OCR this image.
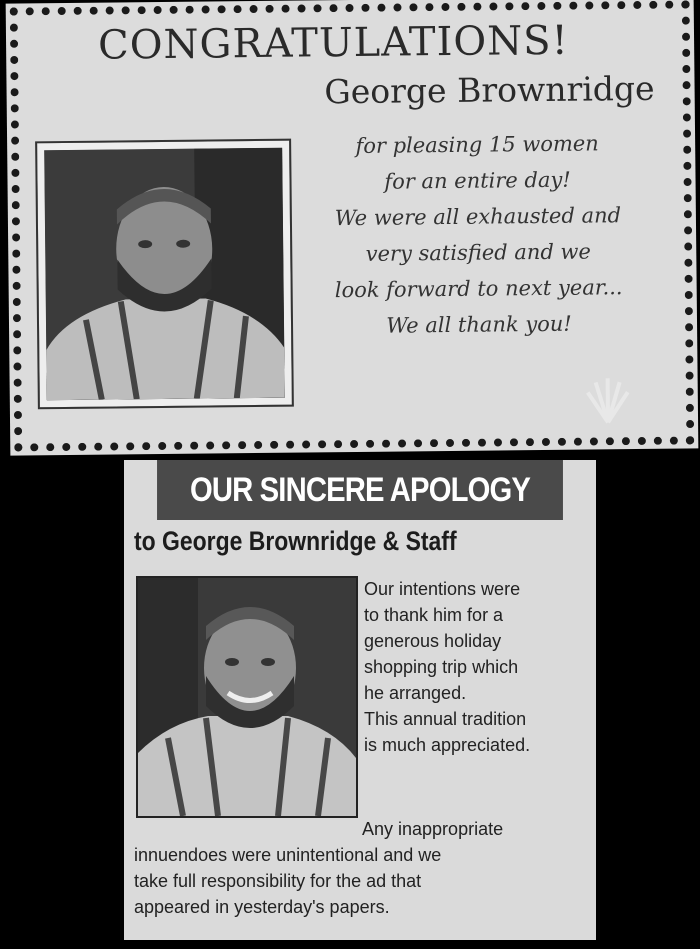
CONGRATULATIONS!
George Brownridge
for pleasing 15 women
for an entire day!
We were all exhausted and
very satisfied and we
look forward to next year...
We all thank you!
OUR SINCERE APOLOGY
to George Brownridge & Staff
Our intentions were
to thank him for a
generous holiday
shopping trip which
he arranged.
This annual tradition
is much appreciated.
Any inappropriate
innuendoes were unintentional and we
take full responsibility for the ad that
appeared in yesterday's papers.
